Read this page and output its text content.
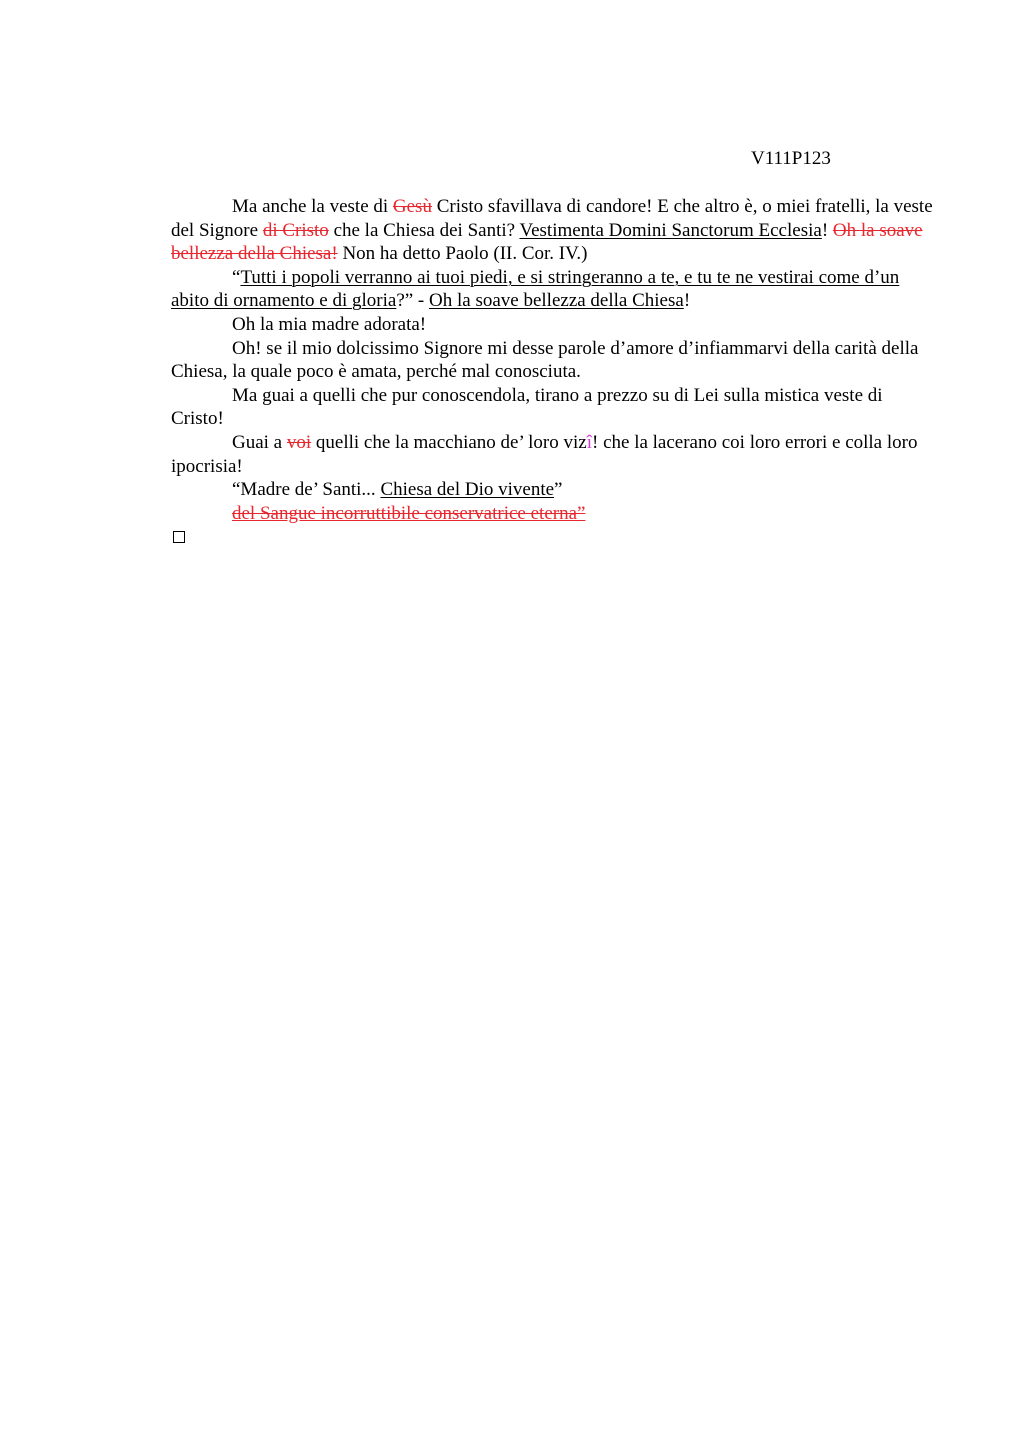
V111P123

Ma anche la veste di Gesù Cristo sfavillava di candore! E che altro è, o miei fratelli, la veste del Signore di Cristo che la Chiesa dei Santi? Vestimenta Domini Sanctorum Ecclesia! Oh la soave bellezza della Chiesa! Non ha detto Paolo (II. Cor. IV.)

“Tutti i popoli verranno ai tuoi piedi, e si stringeranno a te, e tu te ne vestirai come d’un abito di ornamento e di gloria?” - Oh la soave bellezza della Chiesa!

Oh la mia madre adorata!

Oh! se il mio dolcissimo Signore mi desse parole d’amore d’infiammarvi della carità della Chiesa, la quale poco è amata, perché mal conosciuta.

Ma guai a quelli che pur conoscendola, tirano a prezzo su di Lei sulla mistica veste di Cristo!

Guai a voi quelli che la macchiano de’ loro vizî! che la lacerano coi loro errori e colla loro ipocrisia!

“Madre de’ Santi... Chiesa del Dio vivente”

del Sangue incorruttibile conservatrice eterna”
